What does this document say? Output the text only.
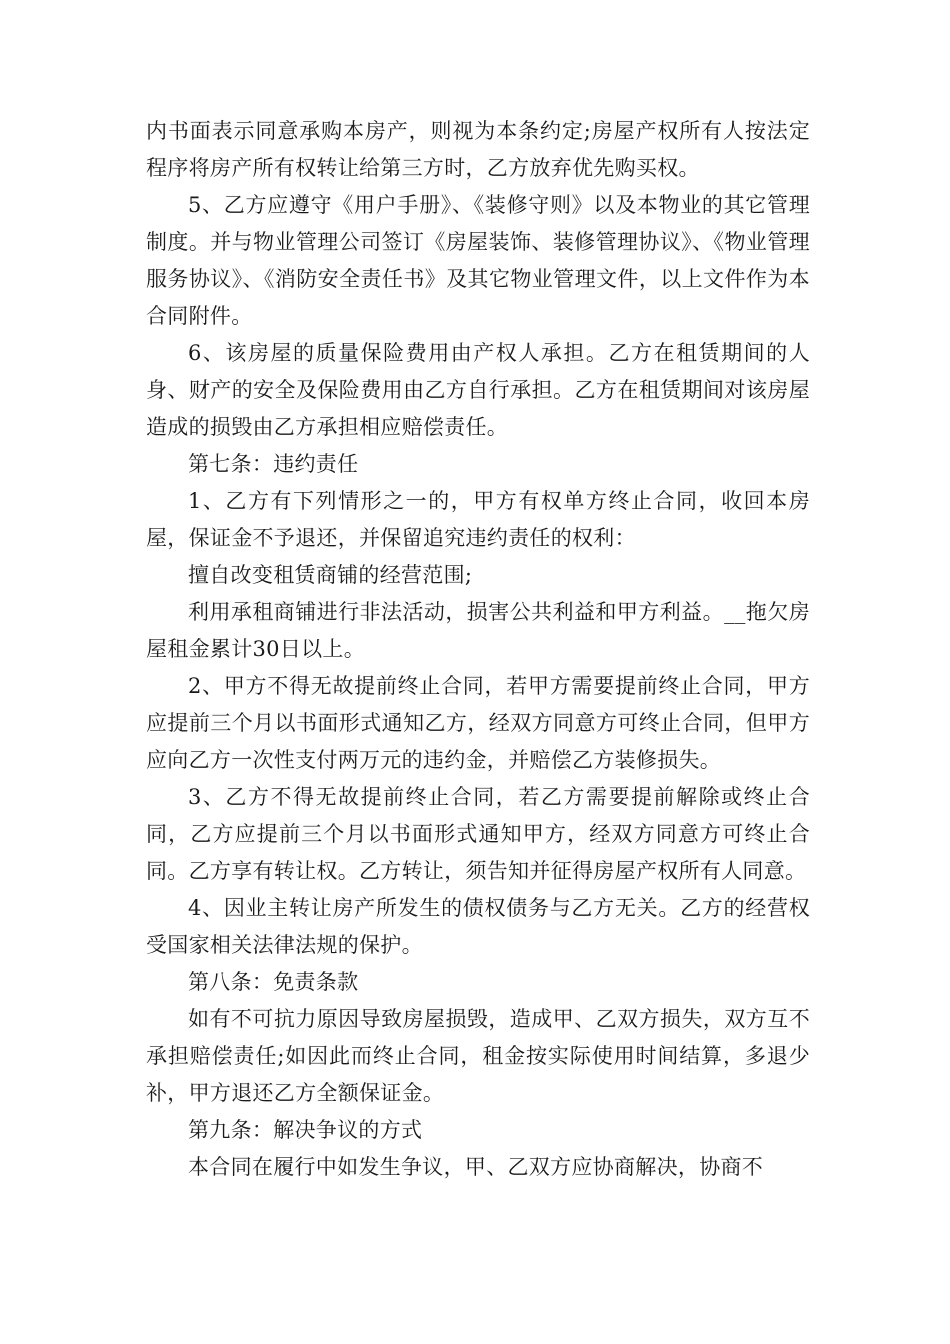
内书面表示同意承购本房产，则视为本条约定;房屋产权所有人按法定程序将房产所有权转让给第三方时，乙方放弃优先购买权。

5、乙方应遵守《用户手册》、《装修守则》以及本物业的其它管理制度。并与物业管理公司签订《房屋装饰、装修管理协议》、《物业管理服务协议》、《消防安全责任书》及其它物业管理文件，以上文件作为本合同附件。

6、该房屋的质量保险费用由产权人承担。乙方在租赁期间的人身、财产的安全及保险费用由乙方自行承担。乙方在租赁期间对该房屋造成的损毁由乙方承担相应赔偿责任。

第七条：违约责任

1、乙方有下列情形之一的，甲方有权单方终止合同，收回本房屋，保证金不予退还，并保留追究违约责任的权利：

擅自改变租赁商铺的经营范围;

利用承租商铺进行非法活动，损害公共利益和甲方利益。__拖欠房屋租金累计30日以上。

2、甲方不得无故提前终止合同，若甲方需要提前终止合同，甲方应提前三个月以书面形式通知乙方，经双方同意方可终止合同，但甲方应向乙方一次性支付两万元的违约金，并赔偿乙方装修损失。

3、乙方不得无故提前终止合同，若乙方需要提前解除或终止合同，乙方应提前三个月以书面形式通知甲方，经双方同意方可终止合同。乙方享有转让权。乙方转让，须告知并征得房屋产权所有人同意。

4、因业主转让房产所发生的债权债务与乙方无关。乙方的经营权受国家相关法律法规的保护。

第八条：免责条款

如有不可抗力原因导致房屋损毁，造成甲、乙双方损失，双方互不承担赔偿责任;如因此而终止合同，租金按实际使用时间结算，多退少补，甲方退还乙方全额保证金。

第九条：解决争议的方式

本合同在履行中如发生争议，甲、乙双方应协商解决，协商不
